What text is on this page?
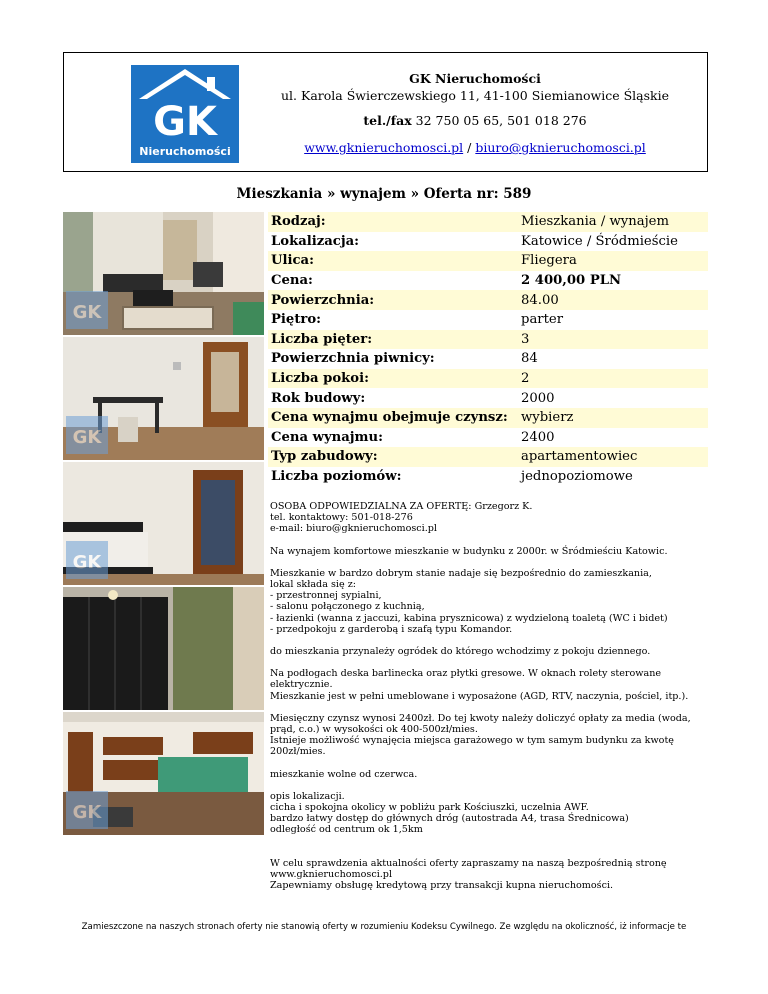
GK
Nieruchomości
GK Nieruchomości
ul. Karola Świerczewskiego 11, 41-100 Siemianowice Śląskie
tel./fax 32 750 05 65, 501 018 276
www.gknieruchomosci.pl / biuro@gknieruchomosci.pl
Mieszkania » wynajem » Oferta nr: 589
GK
GK
GK
GK
Rodzaj:	Mieszkania / wynajem
Lokalizacja:	Katowice / Śródmieście
Ulica:	Fliegera
Cena:	2 400,00 PLN
Powierzchnia:	84.00
Piętro:	parter
Liczba pięter:	3
Powierzchnia piwnicy:	84
Liczba pokoi:	2
Rok budowy:	2000
Cena wynajmu obejmuje czynsz:	wybierz
Cena wynajmu:	2400
Typ zabudowy:	apartamentowiec
Liczba poziomów:	jednopoziomowe

OSOBA ODPOWIEDZIALNA ZA OFERTĘ: Grzegorz K.
tel. kontaktowy: 501-018-276
e-mail: biuro@gknieruchomosci.pl

Na wynajem komfortowe mieszkanie w budynku z 2000r. w Śródmieściu Katowic.

Mieszkanie w bardzo dobrym stanie nadaje się bezpośrednio do zamieszkania,
lokal składa się z:
- przestronnej sypialni,
- salonu połączonego z kuchnią,
- łazienki (wanna z jaccuzi, kabina prysznicowa) z wydzieloną toaletą (WC i bidet)
- przedpokoju z garderobą i szafą typu Komandor.

do mieszkania przynależy ogródek do którego wchodzimy z pokoju dziennego.

Na podłogach deska barlinecka oraz płytki gresowe. W oknach rolety sterowane elektrycznie.
Mieszkanie jest w pełni umeblowane i wyposażone (AGD, RTV, naczynia, pościel, itp.).

Miesięczny czynsz wynosi 2400zł. Do tej kwoty należy doliczyć opłaty za media (woda, prąd, c.o.) w wysokości ok 400-500zł/mies.
Istnieje możliwość wynajęcia miejsca garażowego w tym samym budynku za kwotę 200zł/mies.

mieszkanie wolne od czerwca.

opis lokalizacji.
cicha i spokojna okolicy w pobliżu park Kościuszki, uczelnia AWF.
bardzo łatwy dostęp do głównych dróg (autostrada A4, trasa Średnicowa)
odległość od centrum ok 1,5km

W celu sprawdzenia aktualności oferty zapraszamy na naszą bezpośrednią stronę
www.gknieruchomosci.pl
Zapewniamy obsługę kredytową przy transakcji kupna nieruchomości.

Zamieszczone na naszych stronach oferty nie stanowią oferty w rozumieniu Kodeksu Cywilnego. Ze względu na okoliczność, iż informacje te
